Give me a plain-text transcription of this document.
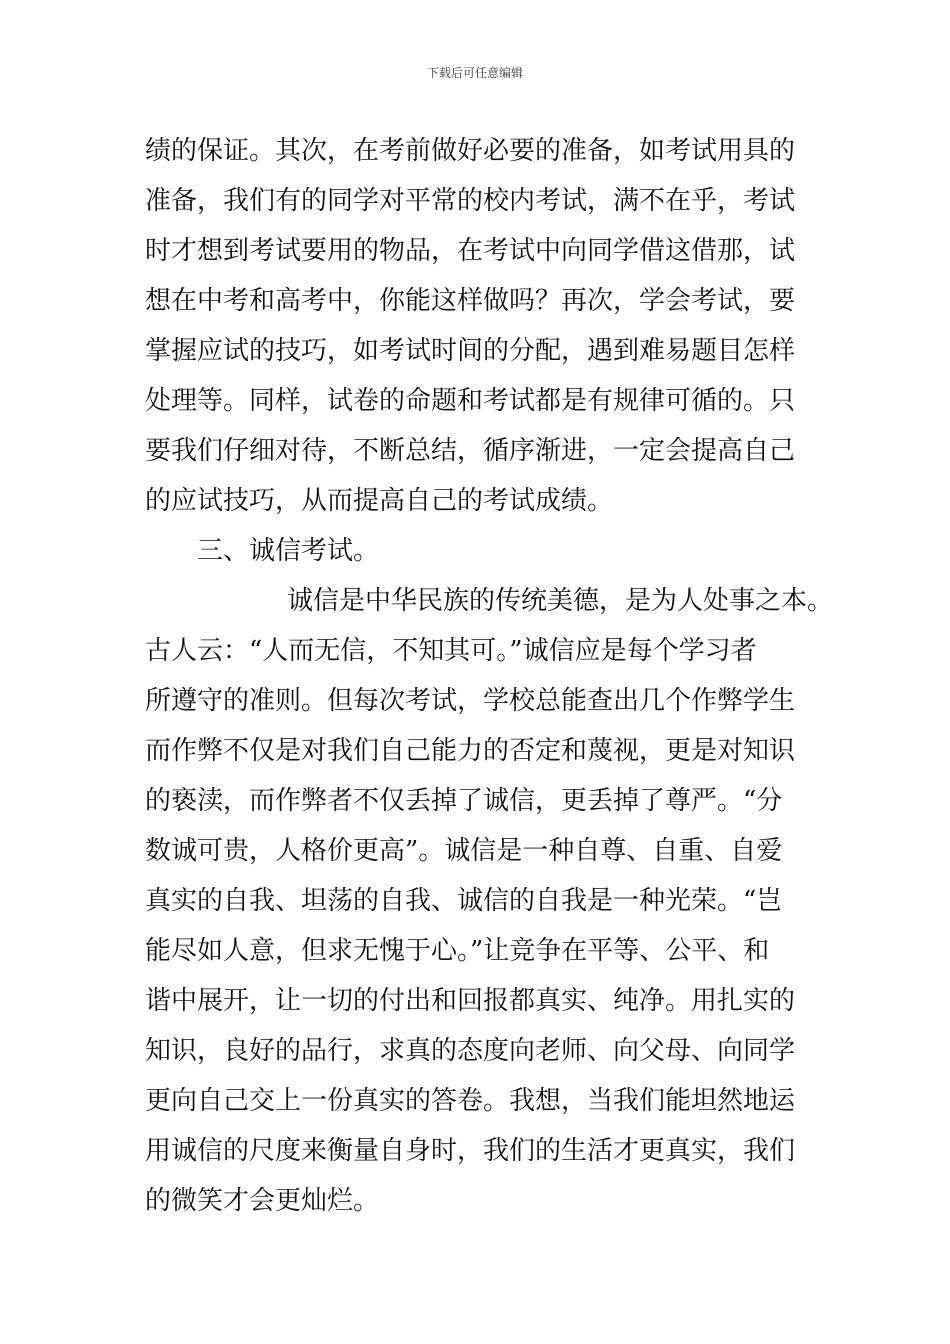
下载后可任意编辑
绩的保证。其次，在考前做好必要的准备，如考试用具的
准备，我们有的同学对平常的校内考试，满不在乎，考试
时才想到考试要用的物品，在考试中向同学借这借那，试
想在中考和高考中，你能这样做吗？再次，学会考试，要
掌握应试的技巧，如考试时间的分配，遇到难易题目怎样
处理等。同样，试卷的命题和考试都是有规律可循的。只
要我们仔细对待，不断总结，循序渐进，一定会提高自己
的应试技巧，从而提高自己的考试成绩。
三、诚信考试。
诚信是中华民族的传统美德，是为人处事之本。
古人云：“人而无信，不知其可。”诚信应是每个学习者
所遵守的准则。但每次考试，学校总能查出几个作弊学生
而作弊不仅是对我们自己能力的否定和蔑视，更是对知识
的亵渎，而作弊者不仅丢掉了诚信，更丢掉了尊严。“分
数诚可贵，人格价更高”。诚信是一种自尊、自重、自爱
真实的自我、坦荡的自我、诚信的自我是一种光荣。“岂
能尽如人意，但求无愧于心。”让竞争在平等、公平、和
谐中展开，让一切的付出和回报都真实、纯净。用扎实的
知识，良好的品行，求真的态度向老师、向父母、向同学
更向自己交上一份真实的答卷。我想，当我们能坦然地运
用诚信的尺度来衡量自身时，我们的生活才更真实，我们
的微笑才会更灿烂。
